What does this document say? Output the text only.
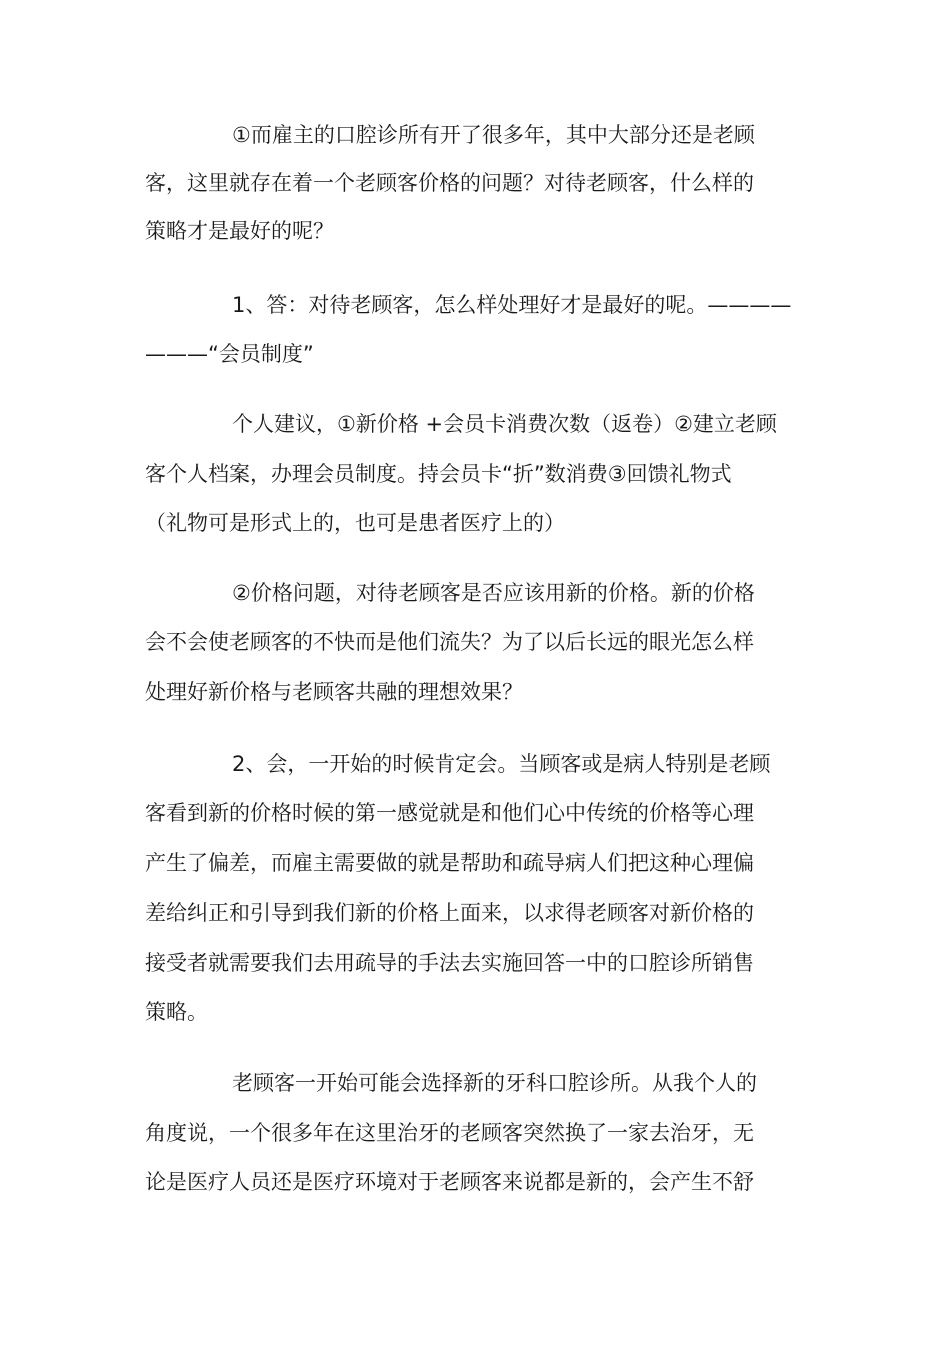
①而雇主的口腔诊所有开了很多年，其中大部分还是老顾
客，这里就存在着一个老顾客价格的问题？对待老顾客，什么样的
策略才是最好的呢？
1、答：对待老顾客，怎么样处理好才是最好的呢。————
———“会员制度”
个人建议，①新价格 +会员卡消费次数（返卷）②建立老顾
客个人档案，办理会员制度。持会员卡“折”数消费③回馈礼物式
（礼物可是形式上的，也可是患者医疗上的）
②价格问题，对待老顾客是否应该用新的价格。新的价格
会不会使老顾客的不快而是他们流失？为了以后长远的眼光怎么样
处理好新价格与老顾客共融的理想效果？
2、会，一开始的时候肯定会。当顾客或是病人特别是老顾
客看到新的价格时候的第一感觉就是和他们心中传统的价格等心理
产生了偏差，而雇主需要做的就是帮助和疏导病人们把这种心理偏
差给纠正和引导到我们新的价格上面来，以求得老顾客对新价格的
接受者就需要我们去用疏导的手法去实施回答一中的口腔诊所销售
策略。
老顾客一开始可能会选择新的牙科口腔诊所。从我个人的
角度说，一个很多年在这里治牙的老顾客突然换了一家去治牙，无
论是医疗人员还是医疗环境对于老顾客来说都是新的，会产生不舒
